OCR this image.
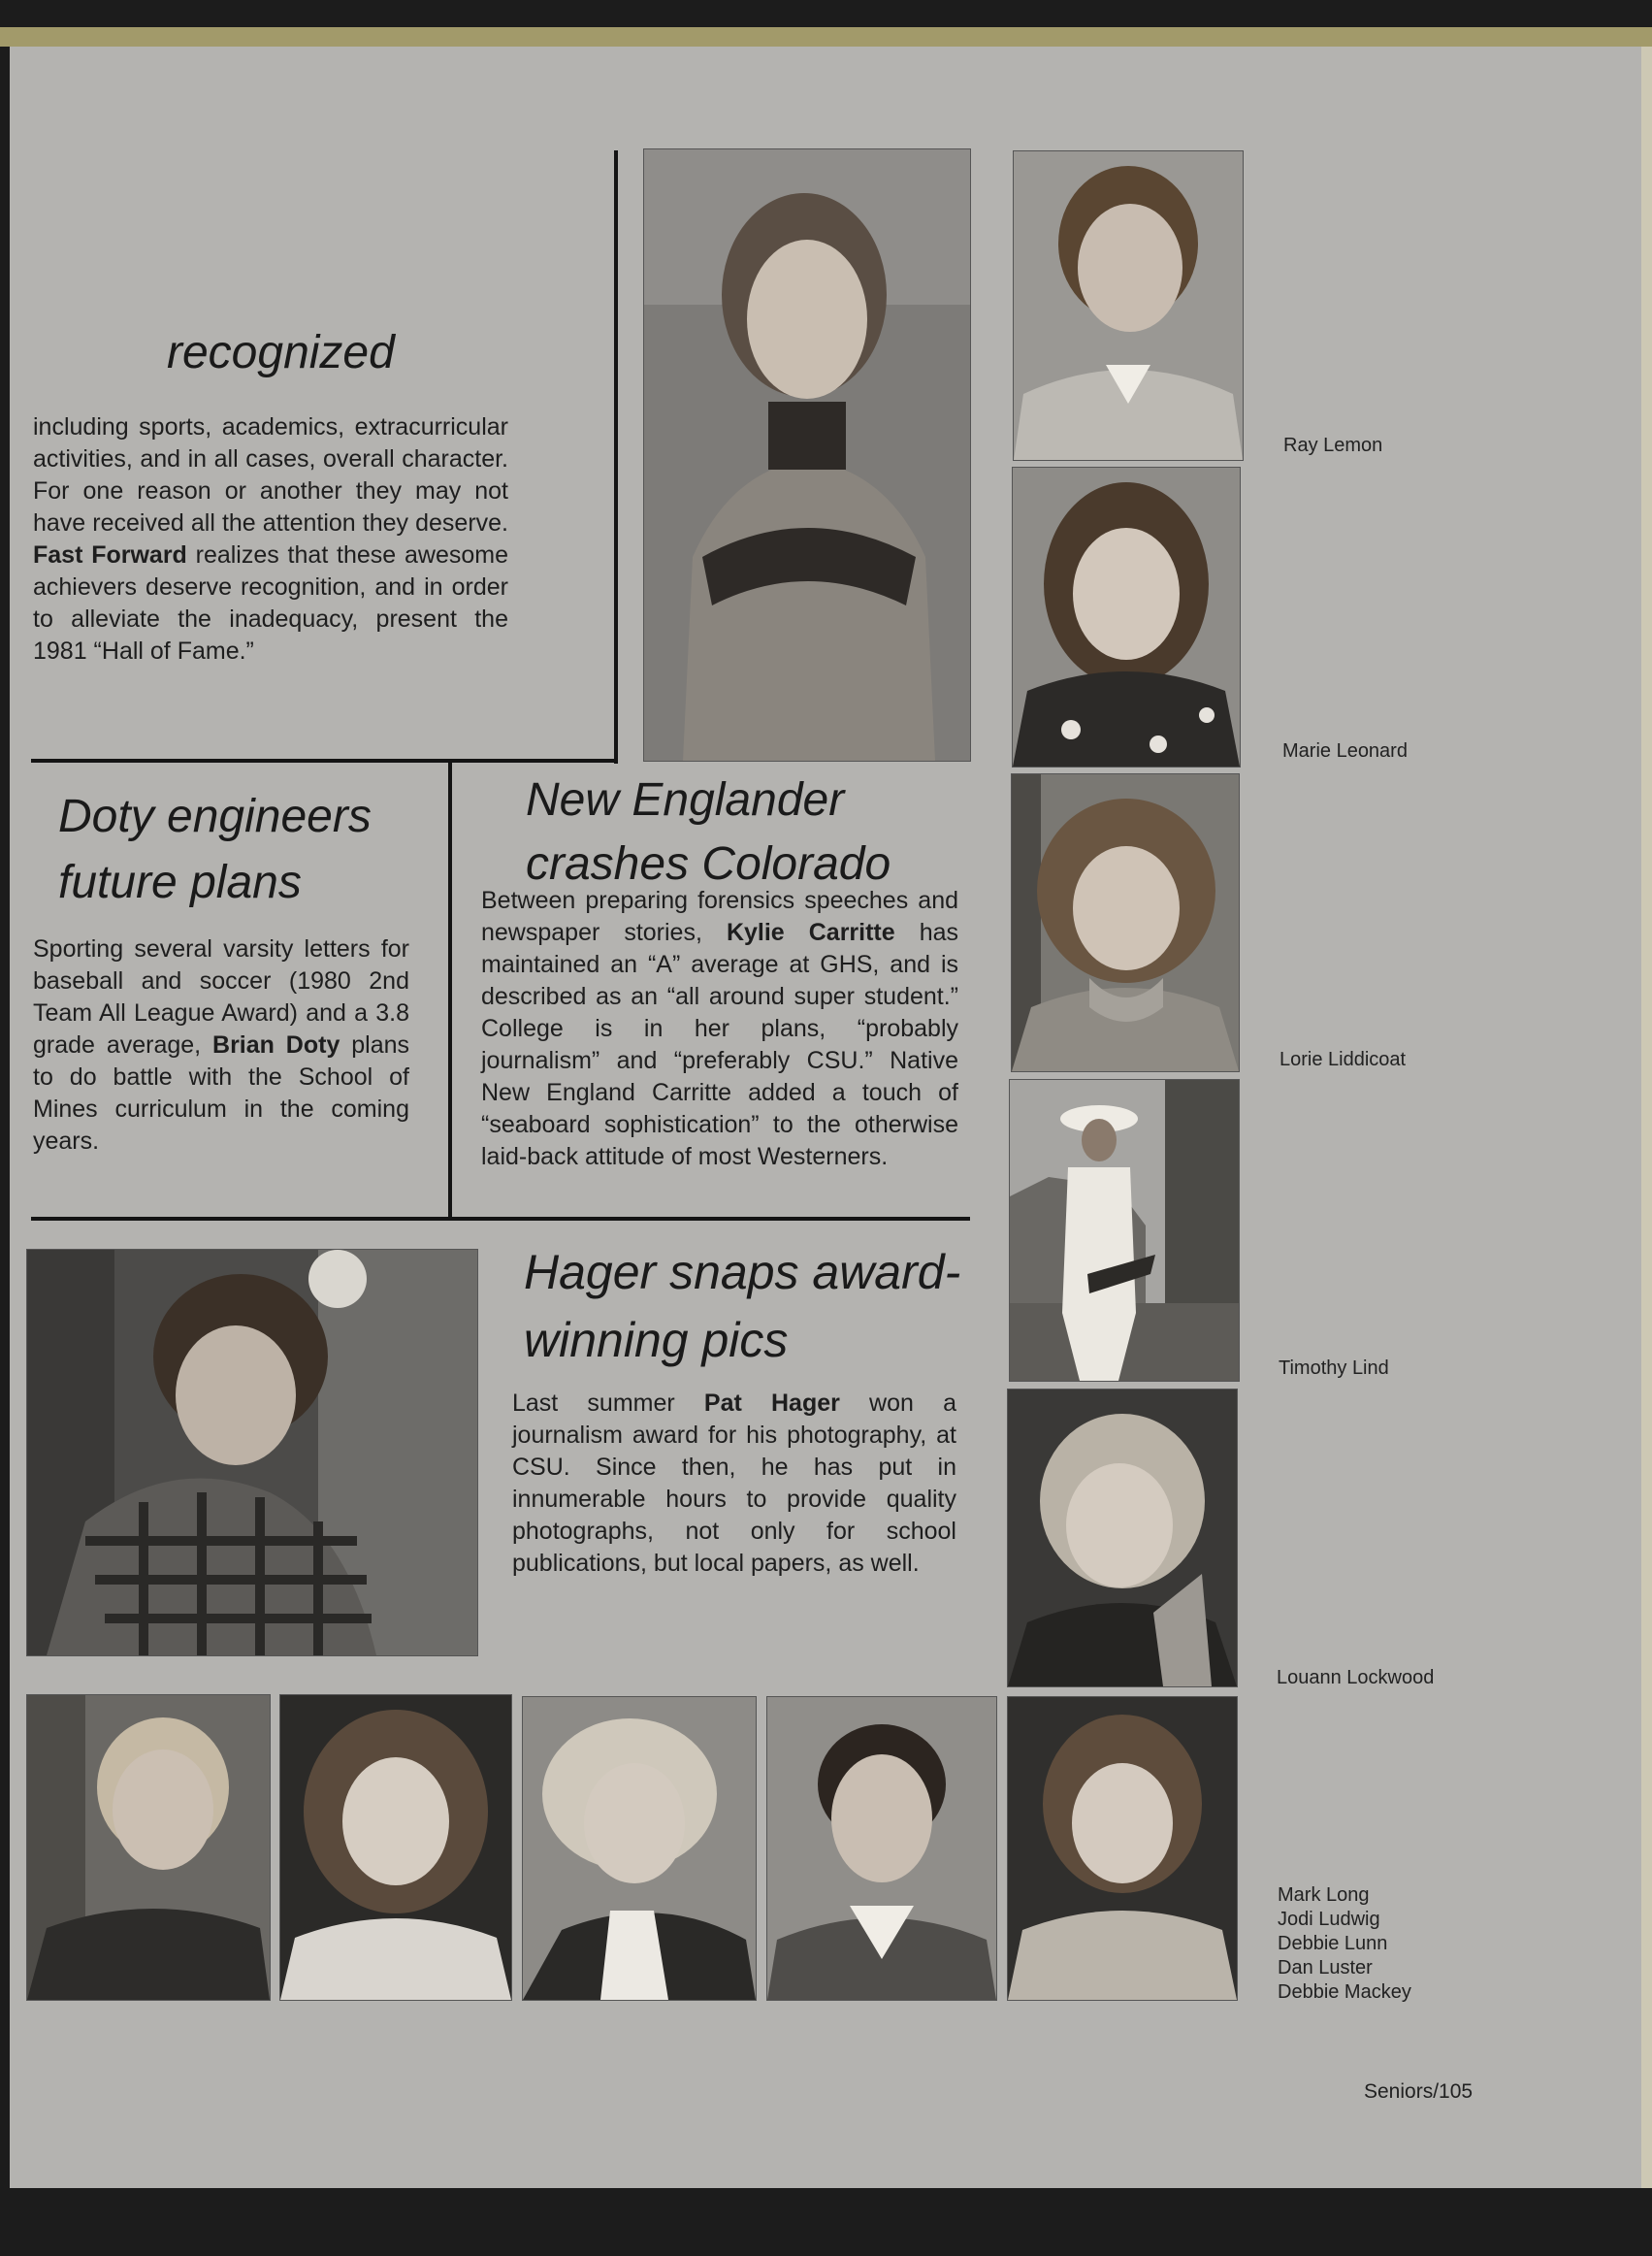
recognized

including sports, academics, extracurricular activities, and in all cases, overall character. For one reason or another they may not have received all the attention they deserve. Fast Forward realizes that these awesome achievers deserve recognition, and in order to alleviate the inadequacy, present the 1981 “Hall of Fame.”

Doty engineers
future plans

Sporting several varsity letters for baseball and soccer (1980 2nd Team All League Award) and a 3.8 grade average, Brian Doty plans to do battle with the School of Mines curriculum in the coming years.

New Englander
crashes Colorado

Between preparing forensics speeches and newspaper stories, Kylie Carritte has maintained an “A” average at GHS, and is described as an “all around super student.” College is in her plans, “probably journalism” and “preferably CSU.” Native New England Carritte added a touch of “seaboard sophistication” to the otherwise laid-back attitude of most Westerners.

Hager snaps award-
winning pics

Last summer Pat Hager won a journalism award for his photography, at CSU. Since then, he has put in innumerable hours to provide quality photographs, not only for school publications, but local papers, as well.

Ray Lemon
Marie Leonard
Lorie Liddicoat
Timothy Lind
Louann Lockwood
Mark Long
Jodi Ludwig
Debbie Lunn
Dan Luster
Debbie Mackey
Seniors/105
